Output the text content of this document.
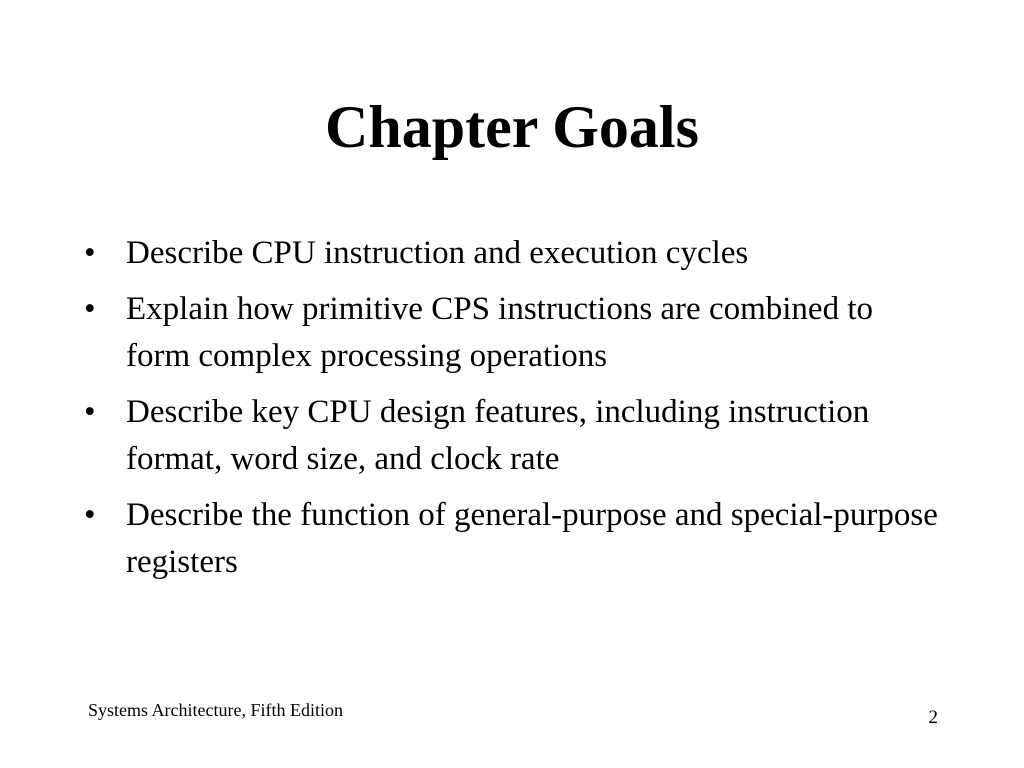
Chapter Goals
• Describe CPU instruction and execution cycles
• Explain how primitive CPS instructions are combined to form complex processing operations
• Describe key CPU design features, including instruction format, word size, and clock rate
• Describe the function of general-purpose and special-purpose registers
Systems Architecture, Fifth Edition	2
